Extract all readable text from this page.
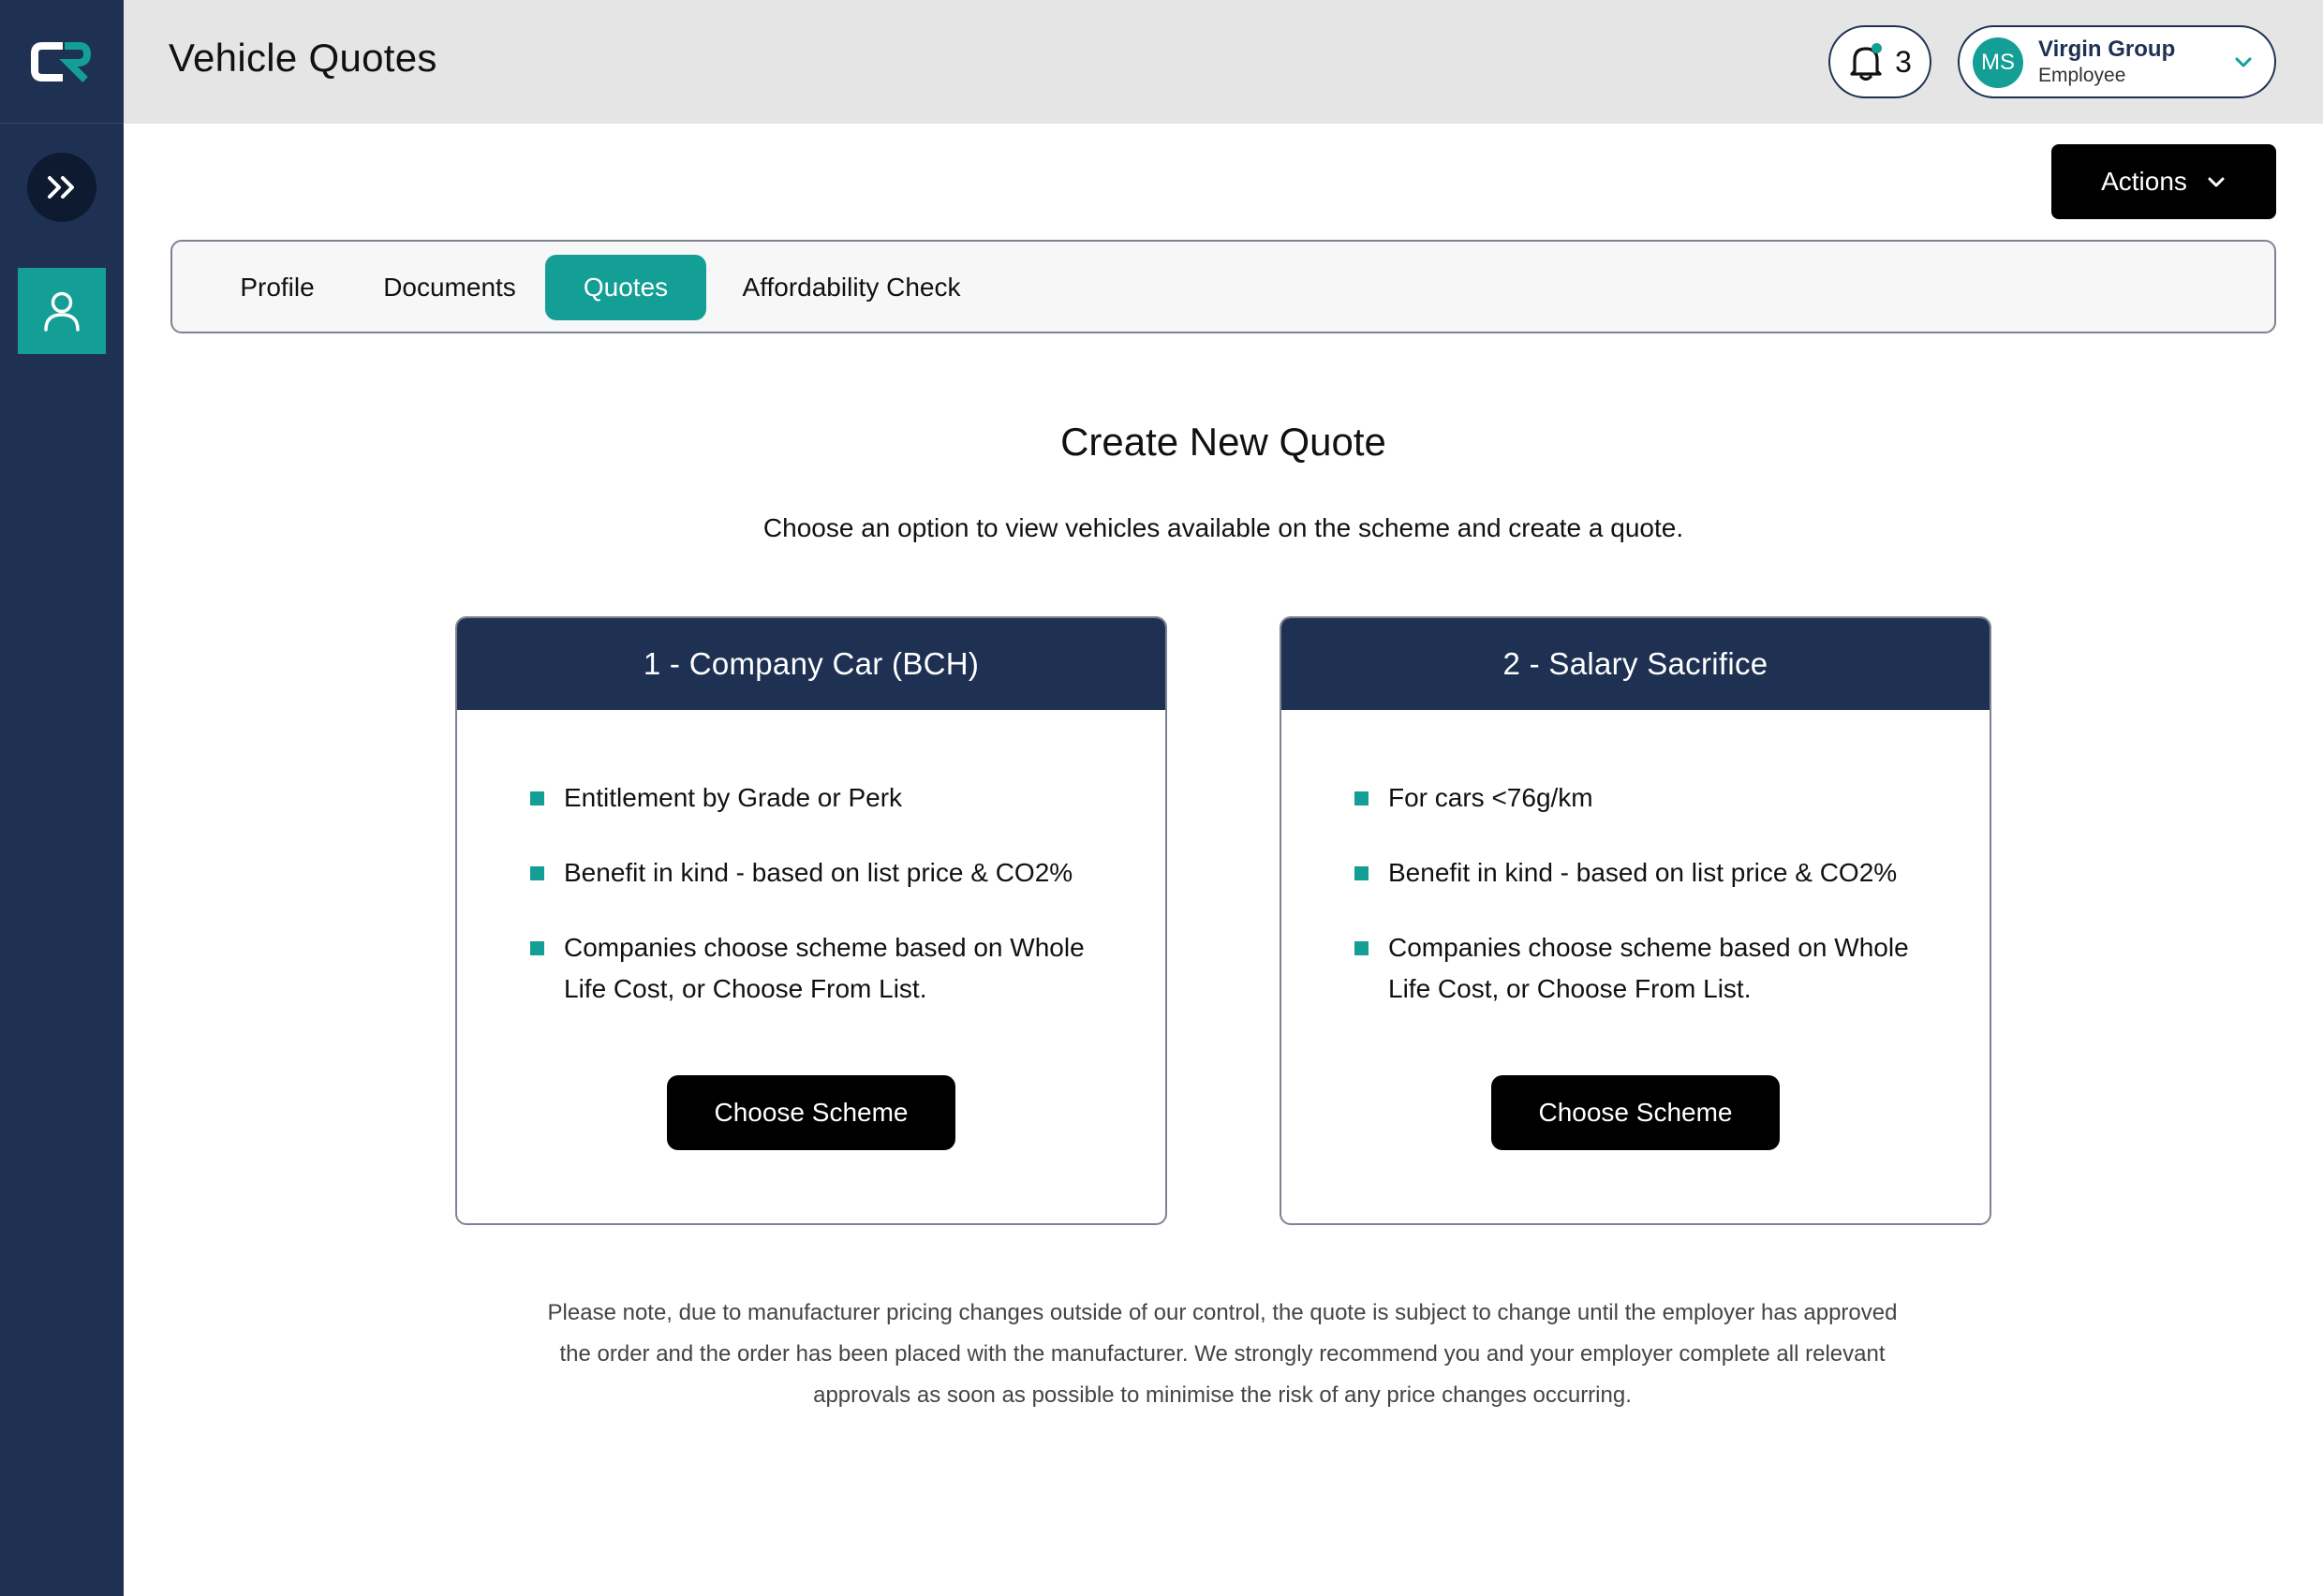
Vehicle Quotes	3	MS
Virgin Group
Employee
Actions
Profile	Documents	Quotes	Affordability Check
Create New Quote
Choose an option to view vehicles available on the scheme and create a quote.
1 - Company Car (BCH)
Entitlement by Grade or Perk
Benefit in kind - based on list price & CO2%
Companies choose scheme based on Whole Life Cost, or Choose From List.
Choose Scheme
2 - Salary Sacrifice
For cars <76g/km
Benefit in kind - based on list price & CO2%
Companies choose scheme based on Whole Life Cost, or Choose From List.
Choose Scheme
Please note, due to manufacturer pricing changes outside of our control, the quote is subject to change until the employer has approved the order and the order has been placed with the manufacturer. We strongly recommend you and your employer complete all relevant approvals as soon as possible to minimise the risk of any price changes occurring.
